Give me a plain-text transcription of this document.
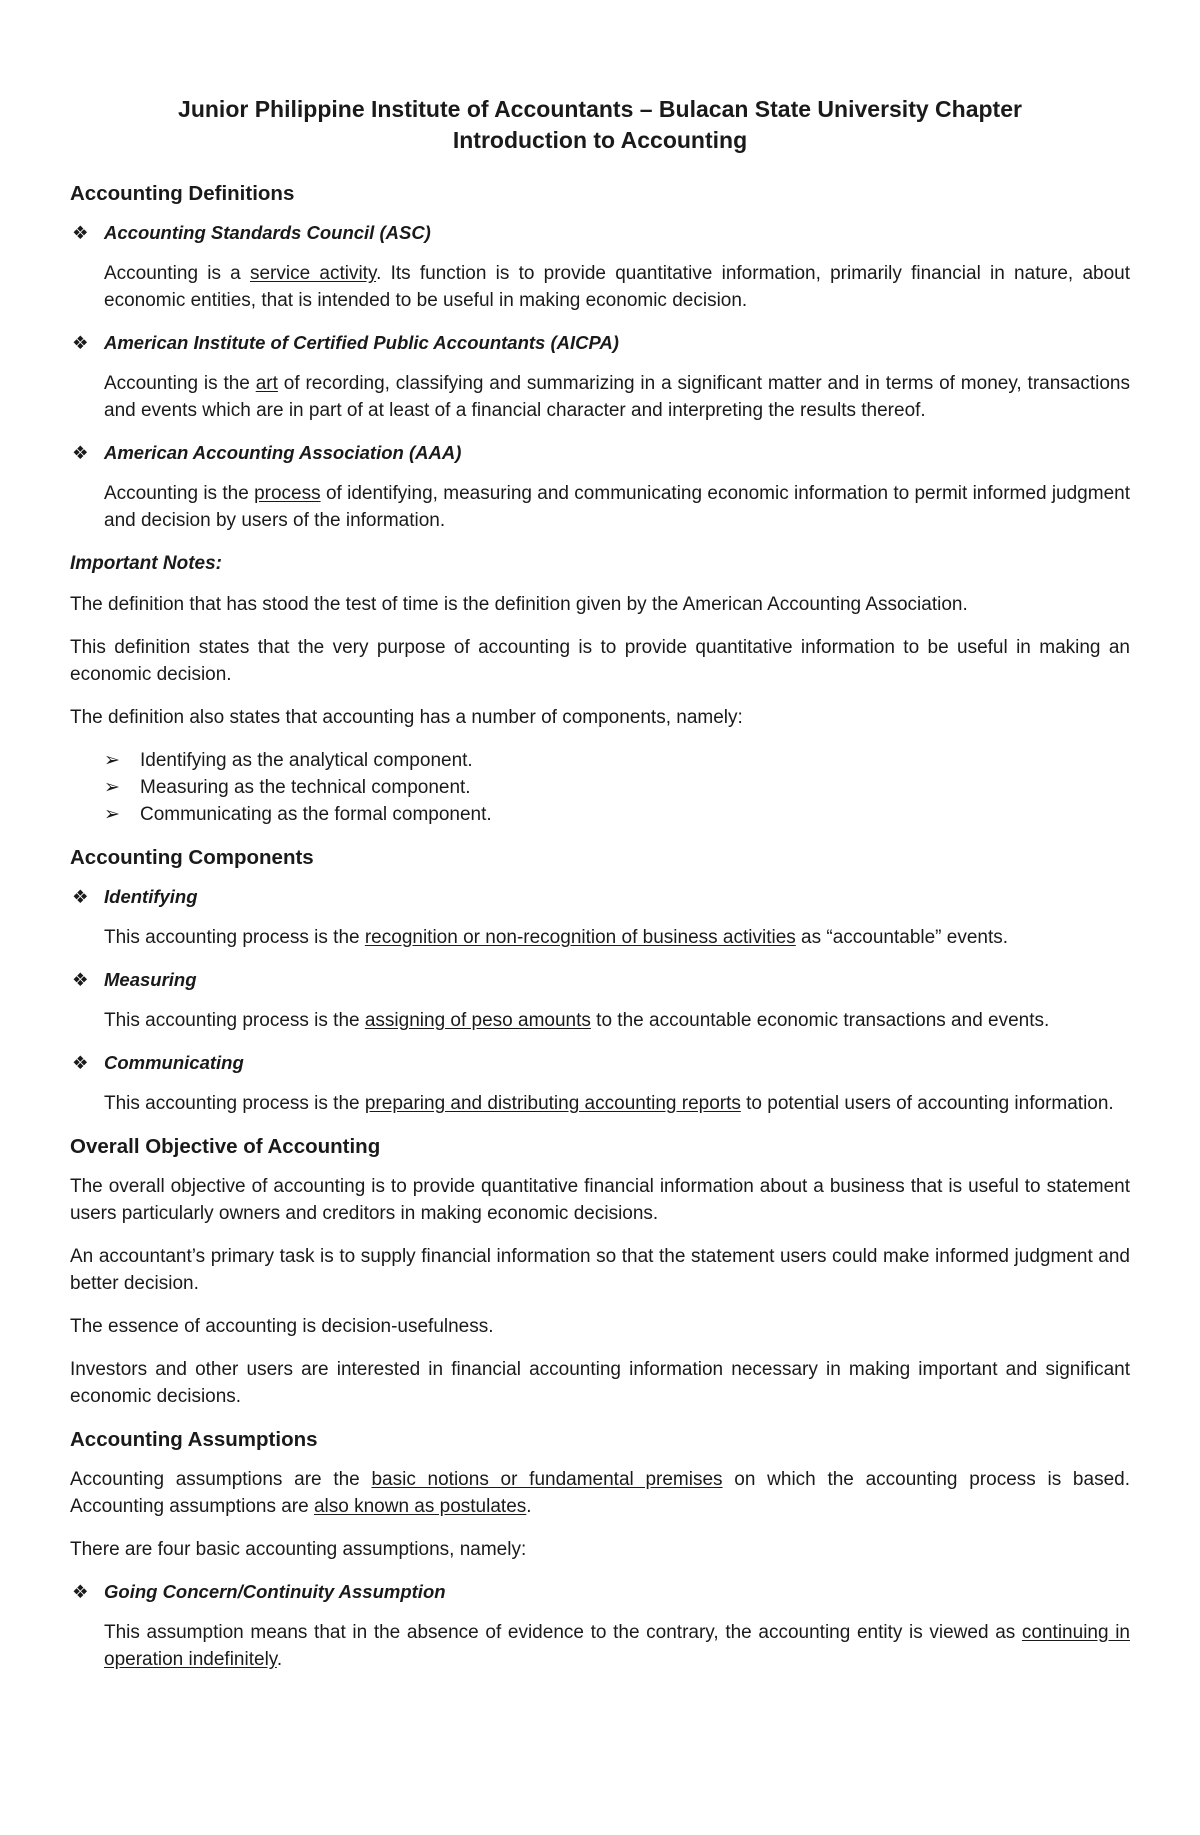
Junior Philippine Institute of Accountants – Bulacan State University Chapter
Introduction to Accounting
Accounting Definitions
❖ Accounting Standards Council (ASC)

Accounting is a service activity. Its function is to provide quantitative information, primarily financial in nature, about economic entities, that is intended to be useful in making economic decision.

❖ American Institute of Certified Public Accountants (AICPA)

Accounting is the art of recording, classifying and summarizing in a significant matter and in terms of money, transactions and events which are in part of at least of a financial character and interpreting the results thereof.

❖ American Accounting Association (AAA)

Accounting is the process of identifying, measuring and communicating economic information to permit informed judgment and decision by users of the information.

Important Notes:

The definition that has stood the test of time is the definition given by the American Accounting Association.

This definition states that the very purpose of accounting is to provide quantitative information to be useful in making an economic decision.

The definition also states that accounting has a number of components, namely:

➢ Identifying as the analytical component.
➢ Measuring as the technical component.
➢ Communicating as the formal component.
Accounting Components
❖ Identifying

This accounting process is the recognition or non-recognition of business activities as “accountable” events.

❖ Measuring

This accounting process is the assigning of peso amounts to the accountable economic transactions and events.

❖ Communicating

This accounting process is the preparing and distributing accounting reports to potential users of accounting information.

Overall Objective of Accounting

The overall objective of accounting is to provide quantitative financial information about a business that is useful to statement users particularly owners and creditors in making economic decisions.

An accountant’s primary task is to supply financial information so that the statement users could make informed judgment and better decision.

The essence of accounting is decision-usefulness.

Investors and other users are interested in financial accounting information necessary in making important and significant economic decisions.

Accounting Assumptions

Accounting assumptions are the basic notions or fundamental premises on which the accounting process is based. Accounting assumptions are also known as postulates.

There are four basic accounting assumptions, namely:

❖ Going Concern/Continuity Assumption

This assumption means that in the absence of evidence to the contrary, the accounting entity is viewed as continuing in operation indefinitely.
